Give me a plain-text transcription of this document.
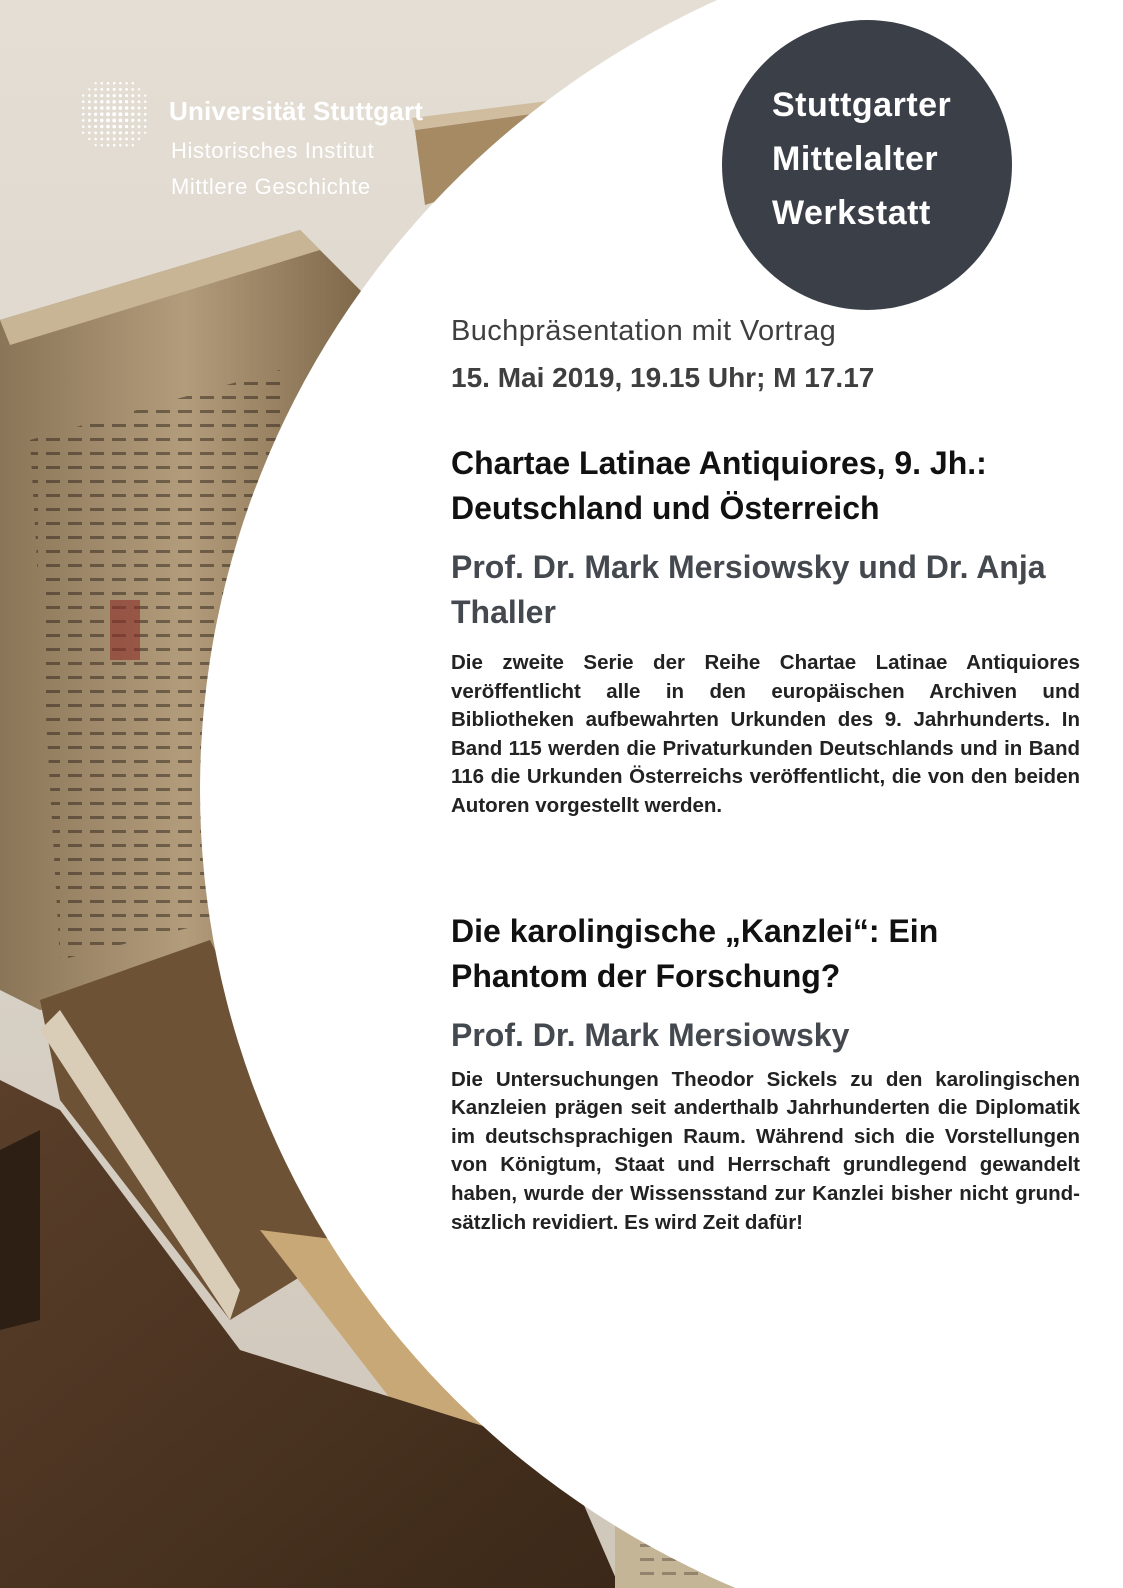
Universität Stuttgart
Historisches Institut
Mittlere Geschichte
Stuttgarter
Mittelalter
Werkstatt
Buchpräsentation mit Vortrag
15. Mai 2019, 19.15 Uhr; M 17.17
Chartae Latinae Antiquiores, 9. Jh.: Deutschland und Österreich
Prof. Dr. Mark Mersiowsky und Dr. Anja Thaller
Die zweite Serie der Reihe Chartae Latinae Antiquiores veröffentlicht alle in den europäischen Archiven und Bibliotheken aufbewahrten Urkunden des 9. Jahrhunderts. In Band 115 werden die Privaturkunden Deutschlands und in Band 116 die Urkunden Österreichs veröffentlicht, die von den beiden Autoren vorgestellt werden.
Die karolingische „Kanzlei“: Ein Phantom der Forschung?
Prof. Dr. Mark Mersiowsky
Die Untersuchungen Theodor Sickels zu den karolingischen Kanzleien prägen seit anderthalb Jahrhunderten die Diplomatik im deutschsprachigen Raum. Während sich die Vorstellungen von Königtum, Staat und Herrschaft grundlegend gewandelt haben, wurde der Wissensstand zur Kanzlei bisher nicht grundsätzlich revidiert. Es wird Zeit dafür!
